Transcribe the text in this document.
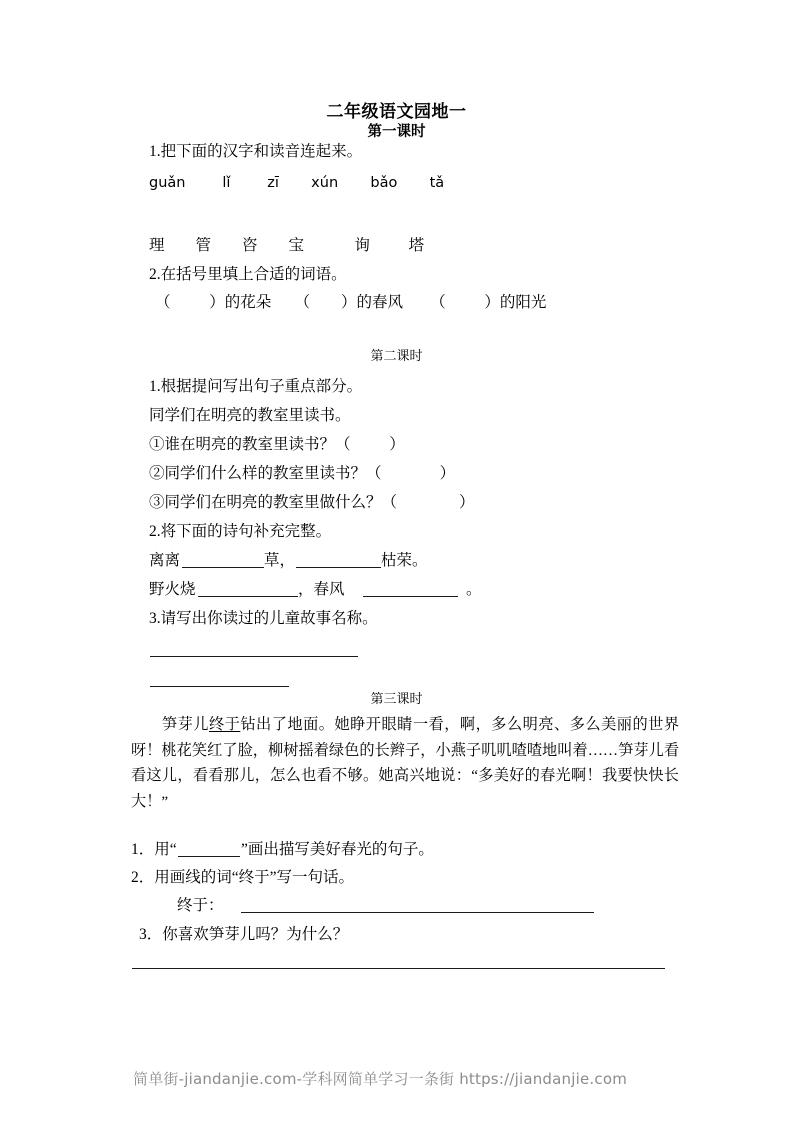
二年级语文园地一
第一课时
1.把下面的汉字和读音连起来。
guǎn        lǐ        zī       xún       bǎo       tǎ
理        管        咨        宝             询          塔
2.在括号里填上合适的词语。
（          ）的花朵      （        ）的春风       （          ）的阳光
第二课时
1.根据提问写出句子重点部分。
同学们在明亮的教室里读书。
①谁在明亮的教室里读书？（          ）
②同学们什么样的教室里读书？（               ）
③同学们在明亮的教室里做什么？（                ）
2.将下面的诗句补充完整。
离离	草，	枯荣。
野火烧	，春风	。
3.请写出你读过的儿童故事名称。
第三课时
笋芽儿终于钻出了地面。她睁开眼睛一看，啊，多么明亮、多么美丽的世界呀！桃花笑红了脸，柳树摇着绿色的长辫子，小燕子叽叽喳喳地叫着……笋芽儿看看这儿，看看那儿，怎么也看不够。她高兴地说：“多美好的春光啊！我要快快长大！”
1．用“	”画出描写美好春光的句子。
2．用画线的词“终于”写一句话。
终于：
3．你喜欢笋芽儿吗？为什么？
简单街-jiandanjie.com-学科网简单学习一条街 https://jiandanjie.com
